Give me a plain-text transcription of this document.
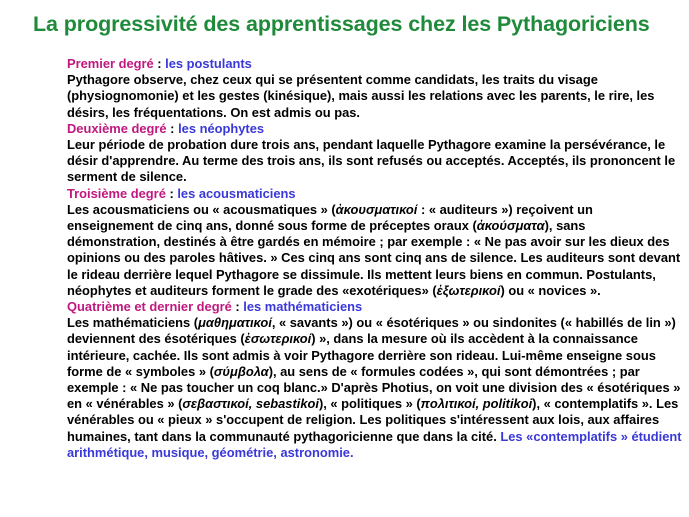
La progressivité des apprentissages chez les Pythagoriciens
Premier degré : les postulants

Pythagore observe, chez ceux qui se présentent comme candidats, les traits du visage (physiognomonie) et les gestes (kinésique), mais aussi les relations avec les parents, le rire, les désirs, les fréquentations. On est admis ou pas.

Deuxième degré : les néophytes

Leur période de probation dure trois ans, pendant laquelle Pythagore examine la persévérance, le désir d'apprendre. Au terme des trois ans, ils sont refusés ou acceptés. Acceptés, ils prononcent le serment de silence.

Troisième degré : les acousmaticiens

Les acousmaticiens ou « acousmatiques » (ἀκουσματικοί : « auditeurs ») reçoivent un enseignement de cinq ans, donné sous forme de préceptes oraux (ἀκούσματα), sans démonstration, destinés à être gardés en mémoire ; par exemple : « Ne pas avoir sur les dieux des opinions ou des paroles hâtives. » Ces cinq ans sont cinq ans de silence. Les auditeurs sont devant le rideau derrière lequel Pythagore se dissimule. Ils mettent leurs biens en commun. Postulants, néophytes et auditeurs forment le grade des «exotériques» (ἐξωτερικοί) ou « novices ».

Quatrième et dernier degré : les mathématiciens

Les mathématiciens (μαθηματικοί, « savants ») ou « ésotériques » ou sindonites (« habillés de lin ») deviennent des ésotériques (ἐσωτερικοί) », dans la mesure où ils accèdent à la connaissance intérieure, cachée. Ils sont admis à voir Pythagore derrière son rideau. Lui-même enseigne sous forme de « symboles » (σύμβολα), au sens de « formules codées », qui sont démontrées ; par exemple : « Ne pas toucher un coq blanc.» D'après Photius, on voit une division des « ésotériques » en « vénérables » (σεβαστικοί, sebastikoi), « politiques » (πολιτικοί, politikoi), « contemplatifs ». Les vénérables ou « pieux » s'occupent de religion. Les politiques s'intéressent aux lois, aux affaires humaines, tant dans la communauté pythagoricienne que dans la cité. Les «contemplatifs » étudient arithmétique, musique, géométrie, astronomie.
